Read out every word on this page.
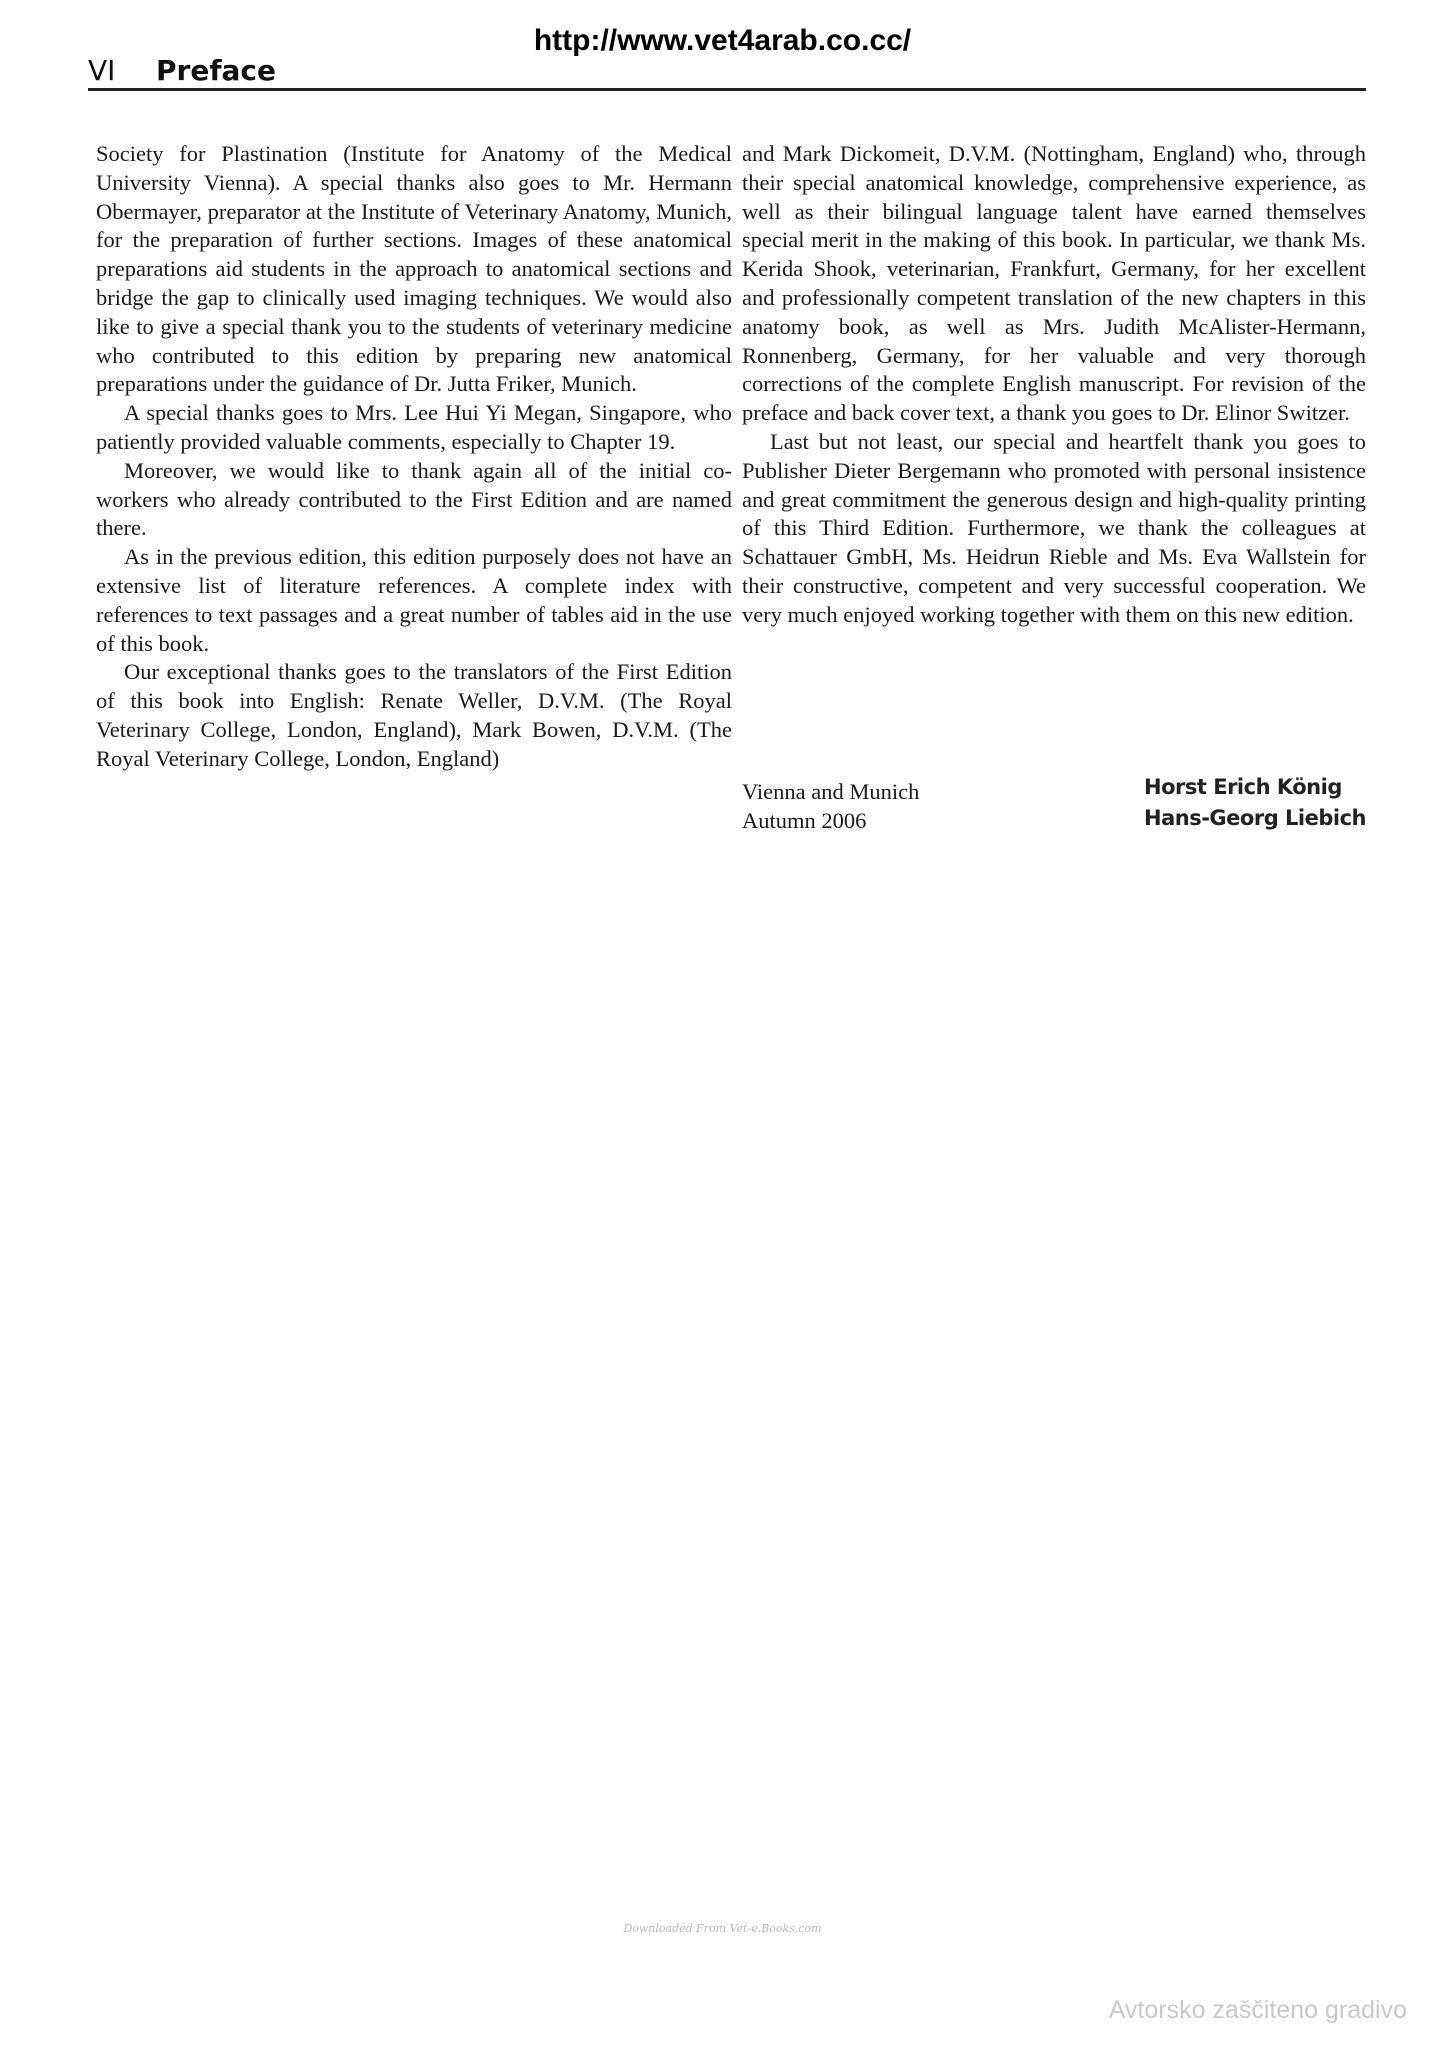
http://www.vet4arab.co.cc/
VI Preface

Society for Plastination (Institute for Anatomy of the Medical University Vienna). A special thanks also goes to Mr. Hermann Obermayer, preparator at the Institute of Veterinary Anatomy, Munich, for the preparation of further sections. Images of these anatomical preparations aid students in the approach to anatomical sections and bridge the gap to clinically used imaging techniques. We would also like to give a special thank you to the students of veterinary medicine who contributed to this edition by preparing new anatomical preparations under the guidance of Dr. Jutta Friker, Munich.

A special thanks goes to Mrs. Lee Hui Yi Megan, Singapore, who patiently provided valuable comments, especially to Chapter 19.

Moreover, we would like to thank again all of the initial co-workers who already contributed to the First Edition and are named there.

As in the previous edition, this edition purposely does not have an extensive list of literature references. A complete index with references to text passages and a great number of tables aid in the use of this book.

Our exceptional thanks goes to the translators of the First Edition of this book into English: Renate Weller, D.V.M. (The Royal Veterinary College, London, England), Mark Bowen, D.V.M. (The Royal Veterinary College, London, England)

and Mark Dickomeit, D.V.M. (Nottingham, England) who, through their special anatomical knowledge, comprehensive experience, as well as their bilingual language talent have earned themselves special merit in the making of this book. In particular, we thank Ms. Kerida Shook, veterinarian, Frankfurt, Germany, for her excellent and professionally competent translation of the new chapters in this anatomy book, as well as Mrs. Judith McAlister-Hermann, Ronnenberg, Germany, for her valuable and very thorough corrections of the complete English manuscript. For revision of the preface and back cover text, a thank you goes to Dr. Elinor Switzer.

Last but not least, our special and heartfelt thank you goes to Publisher Dieter Bergemann who promoted with personal insistence and great commitment the generous design and high-quality printing of this Third Edition. Furthermore, we thank the colleagues at Schattauer GmbH, Ms. Heidrun Rieble and Ms. Eva Wallstein for their constructive, competent and very successful cooperation. We very much enjoyed working together with them on this new edition.

Vienna and Munich
Autumn 2006
Horst Erich König
Hans-Georg Liebich
Downloaded From Vet-e.Books.com
Avtorsko zaščiteno gradivo
